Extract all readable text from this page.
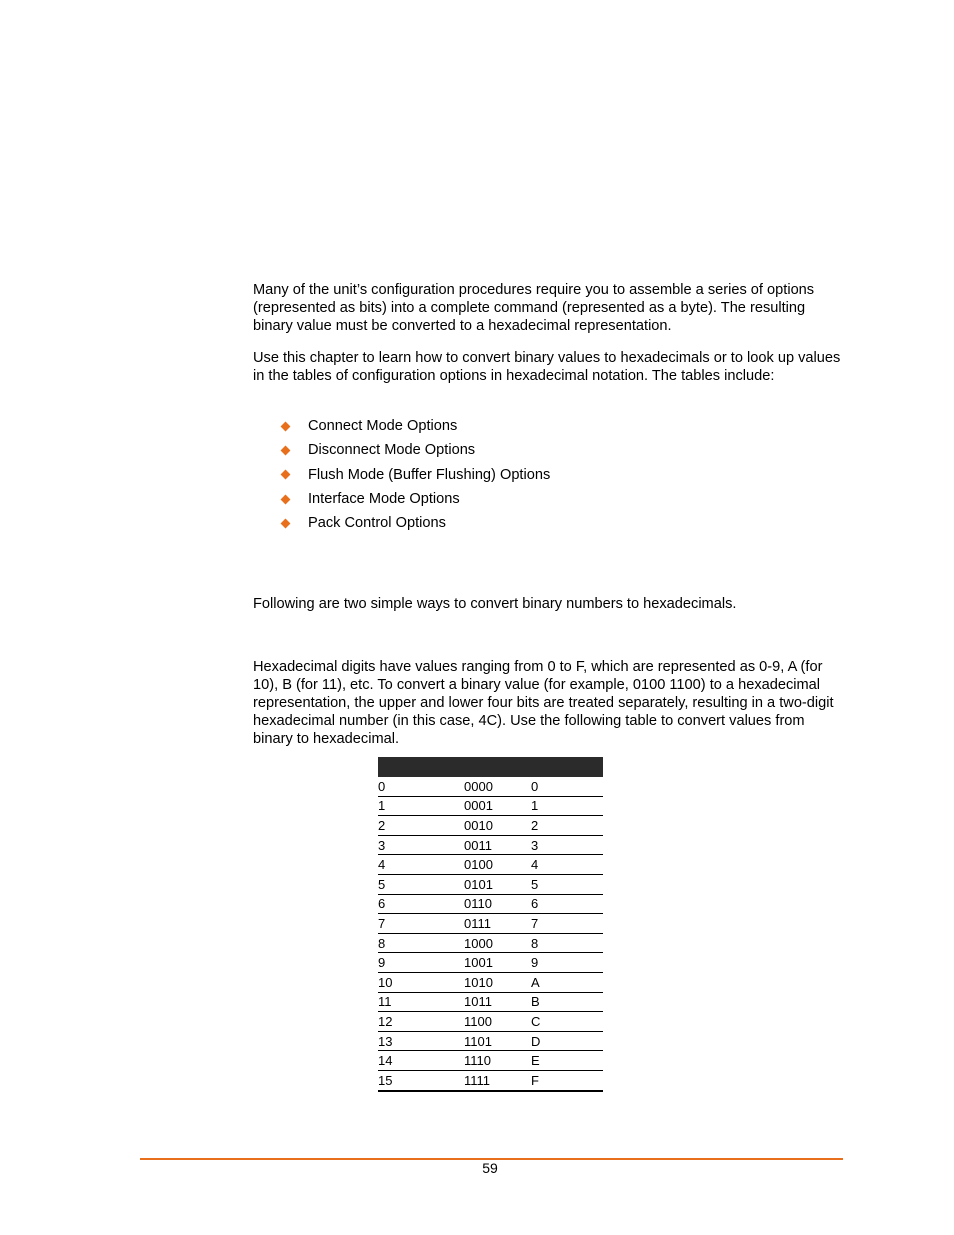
Many of the unit’s configuration procedures require you to assemble a series of options (represented as bits) into a complete command (represented as a byte). The resulting binary value must be converted to a hexadecimal representation.

Use this chapter to learn how to convert binary values to hexadecimals or to look up values in the tables of configuration options in hexadecimal notation. The tables include:

Connect Mode Options
Disconnect Mode Options
Flush Mode (Buffer Flushing) Options
Interface Mode Options
Pack Control Options

Following are two simple ways to convert binary numbers to hexadecimals.

Hexadecimal digits have values ranging from 0 to F, which are represented as 0-9, A (for 10), B (for 11), etc. To convert a binary value (for example, 0100 1100) to a hexadecimal representation, the upper and lower four bits are treated separately, resulting in a two-digit hexadecimal number (in this case, 4C). Use the following table to convert values from binary to hexadecimal.

0	0000	0
1	0001	1
2	0010	2
3	0011	3
4	0100	4
5	0101	5
6	0110	6
7	0111	7
8	1000	8
9	1001	9
10	1010	A
11	1011	B
12	1100	C
13	1101	D
14	1110	E
15	1111	F
59
